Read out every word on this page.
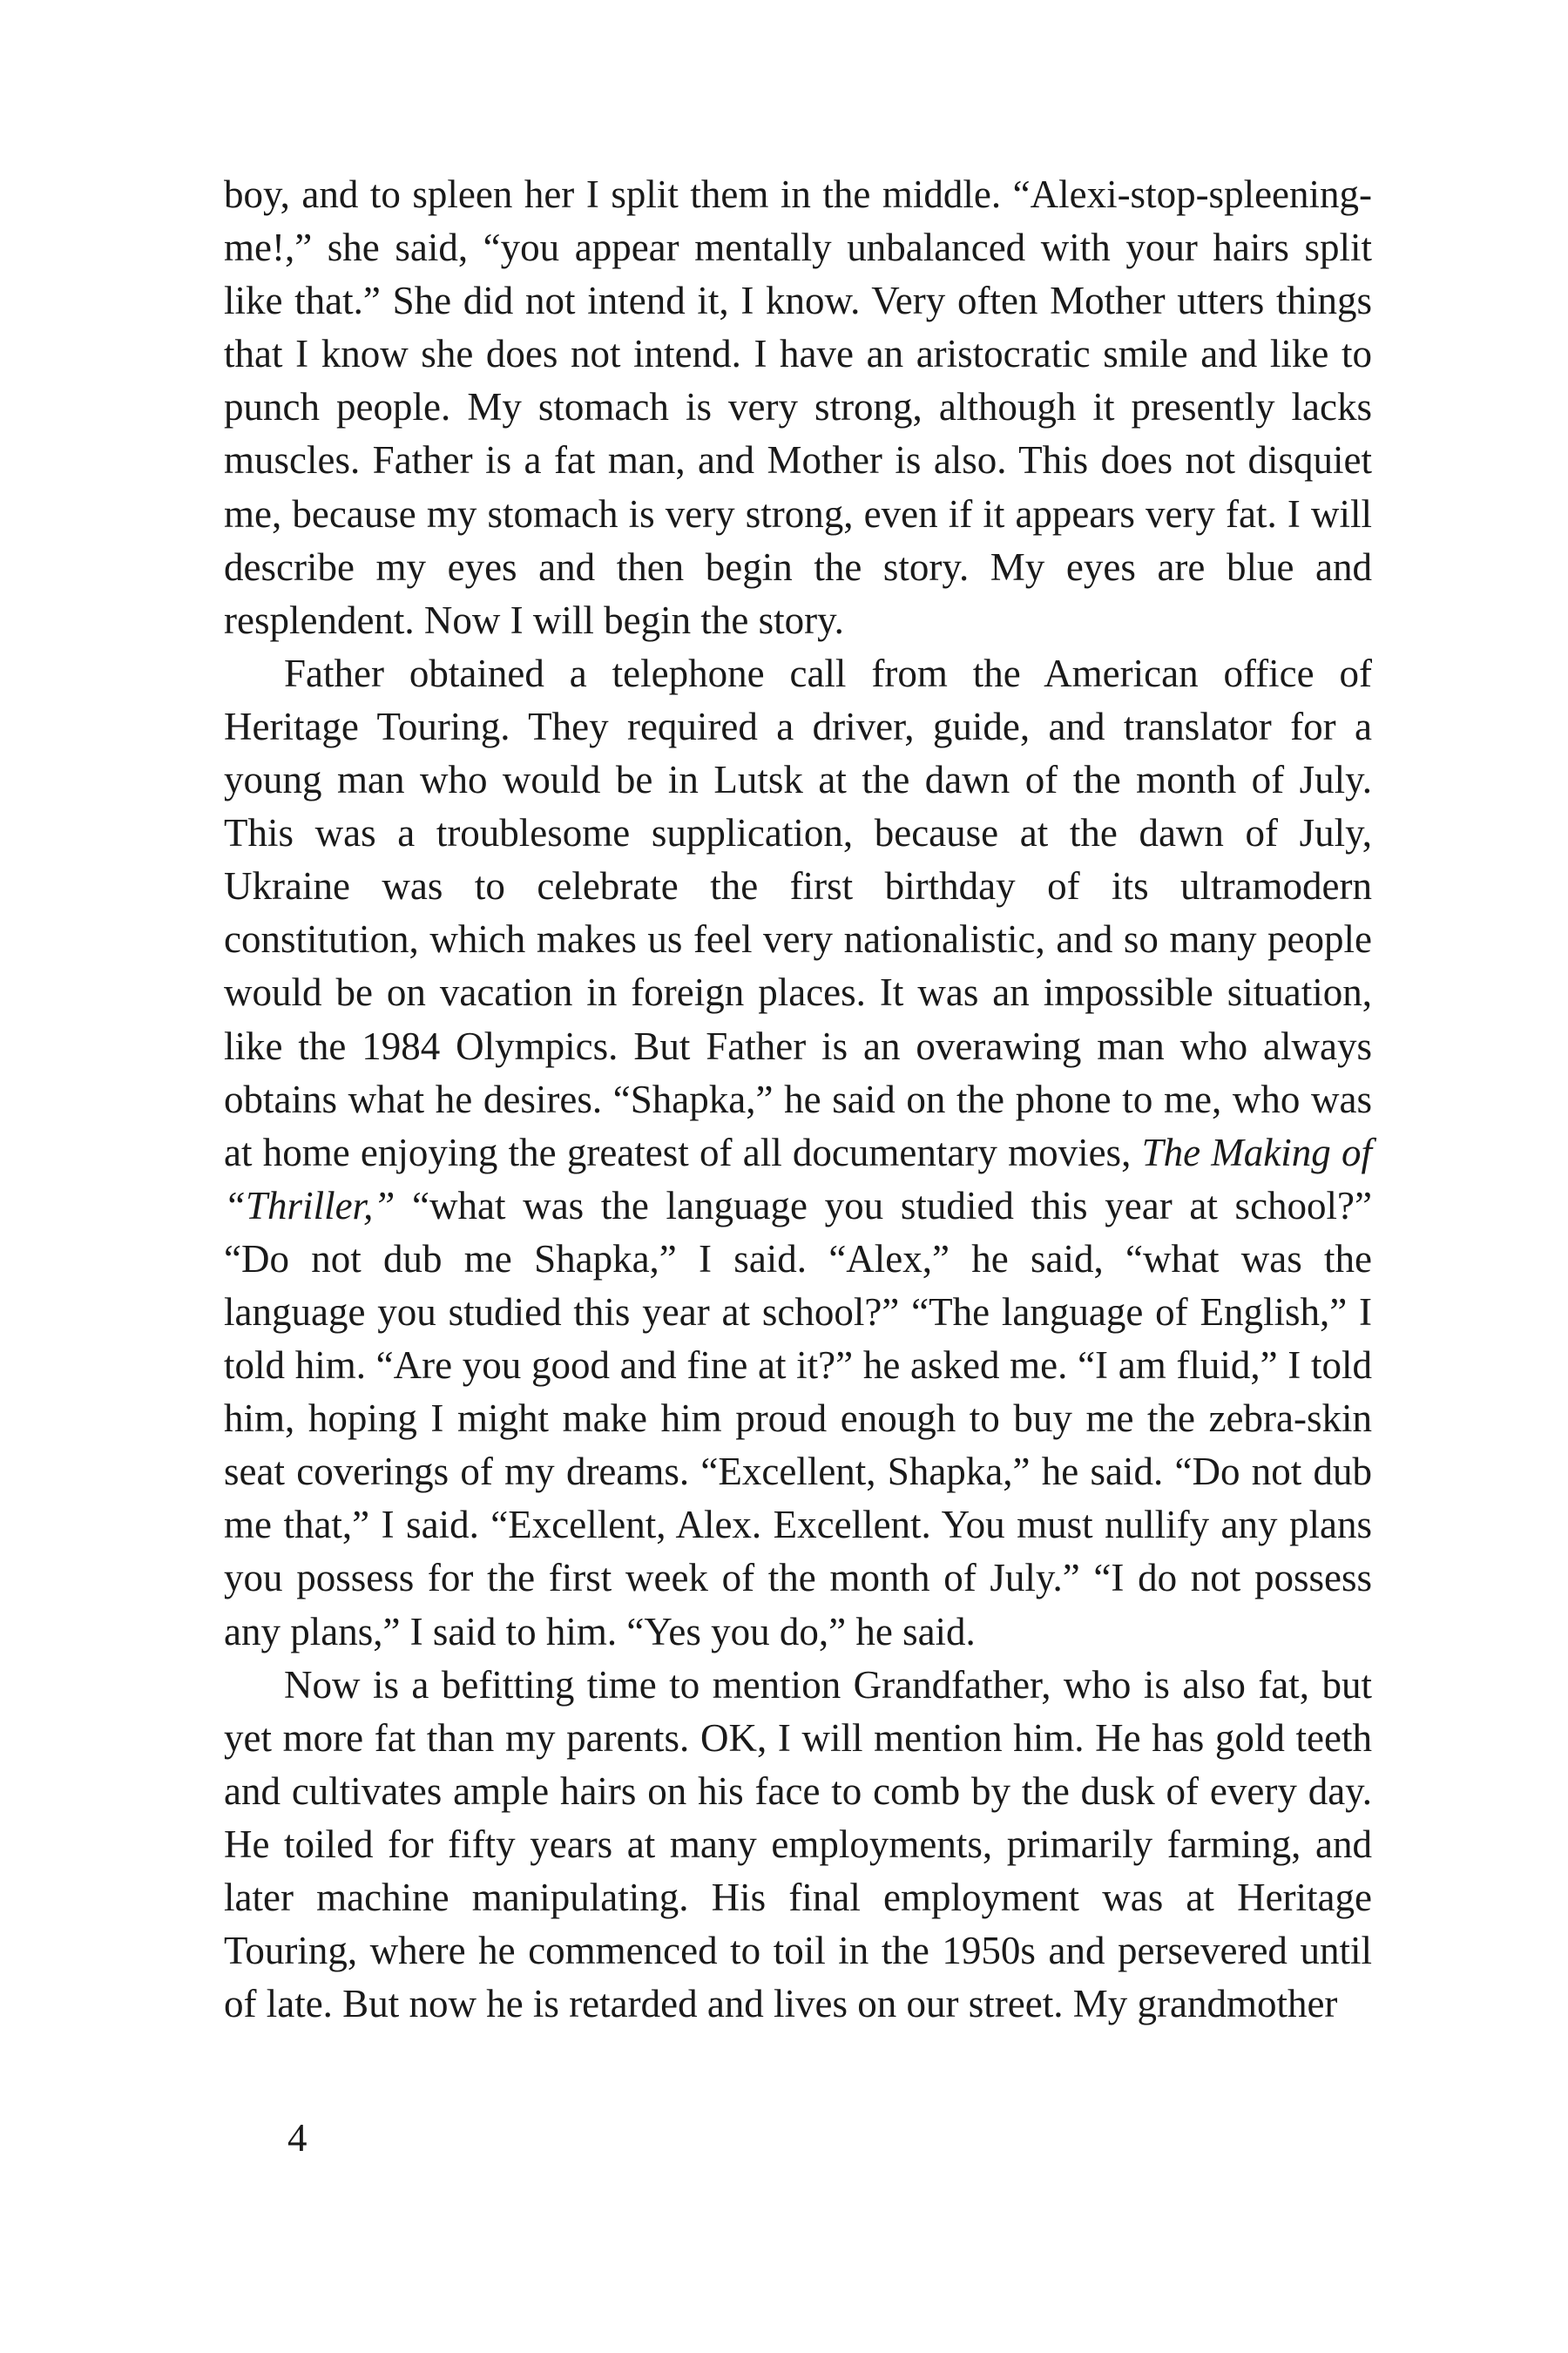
boy, and to spleen her I split them in the middle. “Alexi-stop-spleening-me!,” she said, “you appear mentally unbalanced with your hairs split like that.” She did not intend it, I know. Very often Mother utters things that I know she does not intend. I have an aristocratic smile and like to punch people. My stomach is very strong, although it presently lacks muscles. Father is a fat man, and Mother is also. This does not disquiet me, because my stomach is very strong, even if it appears very fat. I will describe my eyes and then begin the story. My eyes are blue and resplendent. Now I will begin the story.

Father obtained a telephone call from the American office of Heritage Touring. They required a driver, guide, and translator for a young man who would be in Lutsk at the dawn of the month of July. This was a troublesome supplication, because at the dawn of July, Ukraine was to celebrate the first birthday of its ultramodern constitution, which makes us feel very nationalistic, and so many people would be on vacation in foreign places. It was an impossible situation, like the 1984 Olympics. But Father is an overawing man who always obtains what he desires. “Shapka,” he said on the phone to me, who was at home enjoying the greatest of all documentary movies, The Making of “Thriller,” “what was the language you studied this year at school?” “Do not dub me Shapka,” I said. “Alex,” he said, “what was the language you studied this year at school?” “The language of English,” I told him. “Are you good and fine at it?” he asked me. “I am fluid,” I told him, hoping I might make him proud enough to buy me the zebra-skin seat coverings of my dreams. “Excellent, Shapka,” he said. “Do not dub me that,” I said. “Excellent, Alex. Excellent. You must nullify any plans you possess for the first week of the month of July.” “I do not possess any plans,” I said to him. “Yes you do,” he said.

Now is a befitting time to mention Grandfather, who is also fat, but yet more fat than my parents. OK, I will mention him. He has gold teeth and cultivates ample hairs on his face to comb by the dusk of every day. He toiled for fifty years at many employments, primarily farming, and later machine manipulating. His final employment was at Heritage Touring, where he commenced to toil in the 1950s and persevered until of late. But now he is retarded and lives on our street. My grandmother

4
